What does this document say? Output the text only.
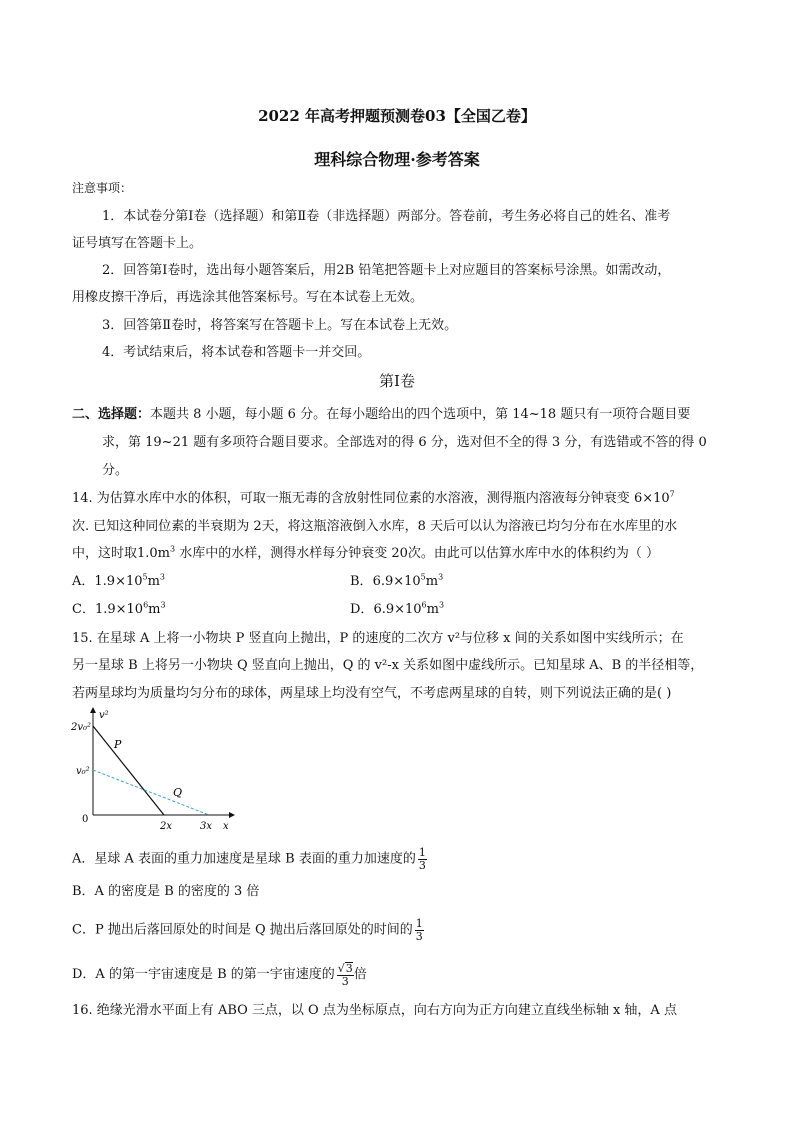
2022 年高考押题预测卷03【全国乙卷】
理科综合物理·参考答案
注意事项：
1．本试卷分第Ⅰ卷（选择题）和第Ⅱ卷（非选择题）两部分。答卷前，考生务必将自己的姓名、准考
证号填写在答题卡上。
2．回答第Ⅰ卷时，选出每小题答案后，用2B 铅笔把答题卡上对应题目的答案标号涂黑。如需改动，
用橡皮擦干净后，再选涂其他答案标号。写在本试卷上无效。
3．回答第Ⅱ卷时，将答案写在答题卡上。写在本试卷上无效。
4．考试结束后，将本试卷和答题卡一并交回。
第Ⅰ卷
二、选择题：本题共 8 小题，每小题 6 分。在每小题给出的四个选项中，第 14~18 题只有一项符合题目要
求，第 19~21 题有多项符合题目要求。全部选对的得 6 分，选对但不全的得 3 分，有选错或不答的得 0
分。
14. 为估算水库中水的体积，可取一瓶无毒的含放射性同位素的水溶液，测得瓶内溶液每分钟衰变 $6\times 10^7$
次. 已知这种同位素的半衰期为 2天，将这瓶溶液倒入水库，8 天后可以认为溶液已均匀分布在水库里的水
中，这时取$1.0m^3$ 水库中的水样，测得水样每分钟衰变 20次。由此可以估算水库中水的体积约为（ ）
A．$1.9\times 10^5m^3$	B．$6.9\times 10^5m^3$
C．$1.9\times 10^6m^3$	D．$6.9\times 10^6m^3$
15. 在星球 A 上将一小物块 P 竖直向上抛出，P 的速度的二次方 v²与位移 x 间的关系如图中实线所示；在
另一星球 B 上将另一小物块 Q 竖直向上抛出，Q 的 v²-x 关系如图中虚线所示。已知星球 A、B 的半径相等，
若两星球均为质量均匀分布的球体，两星球上均没有空气，不考虑两星球的自转，则下列说法正确的是( )
v²
x
0
2v₀²
v₀²
2x	3x
P
Q
A．星球 A 表面的重力加速度是星球 B 表面的重力加速度的 $\frac{1}{3}$
B．A 的密度是 B 的密度的 3 倍
C．P 抛出后落回原处的时间是 Q 抛出后落回原处的时间的 $\frac{1}{3}$
D．A 的第一宇宙速度是 B 的第一宇宙速度的 $\frac{√3}{3}$ 倍
16. 绝缘光滑水平面上有 ABO 三点，以 O 点为坐标原点，向右方向为正方向建立直线坐标轴 x 轴，A 点
